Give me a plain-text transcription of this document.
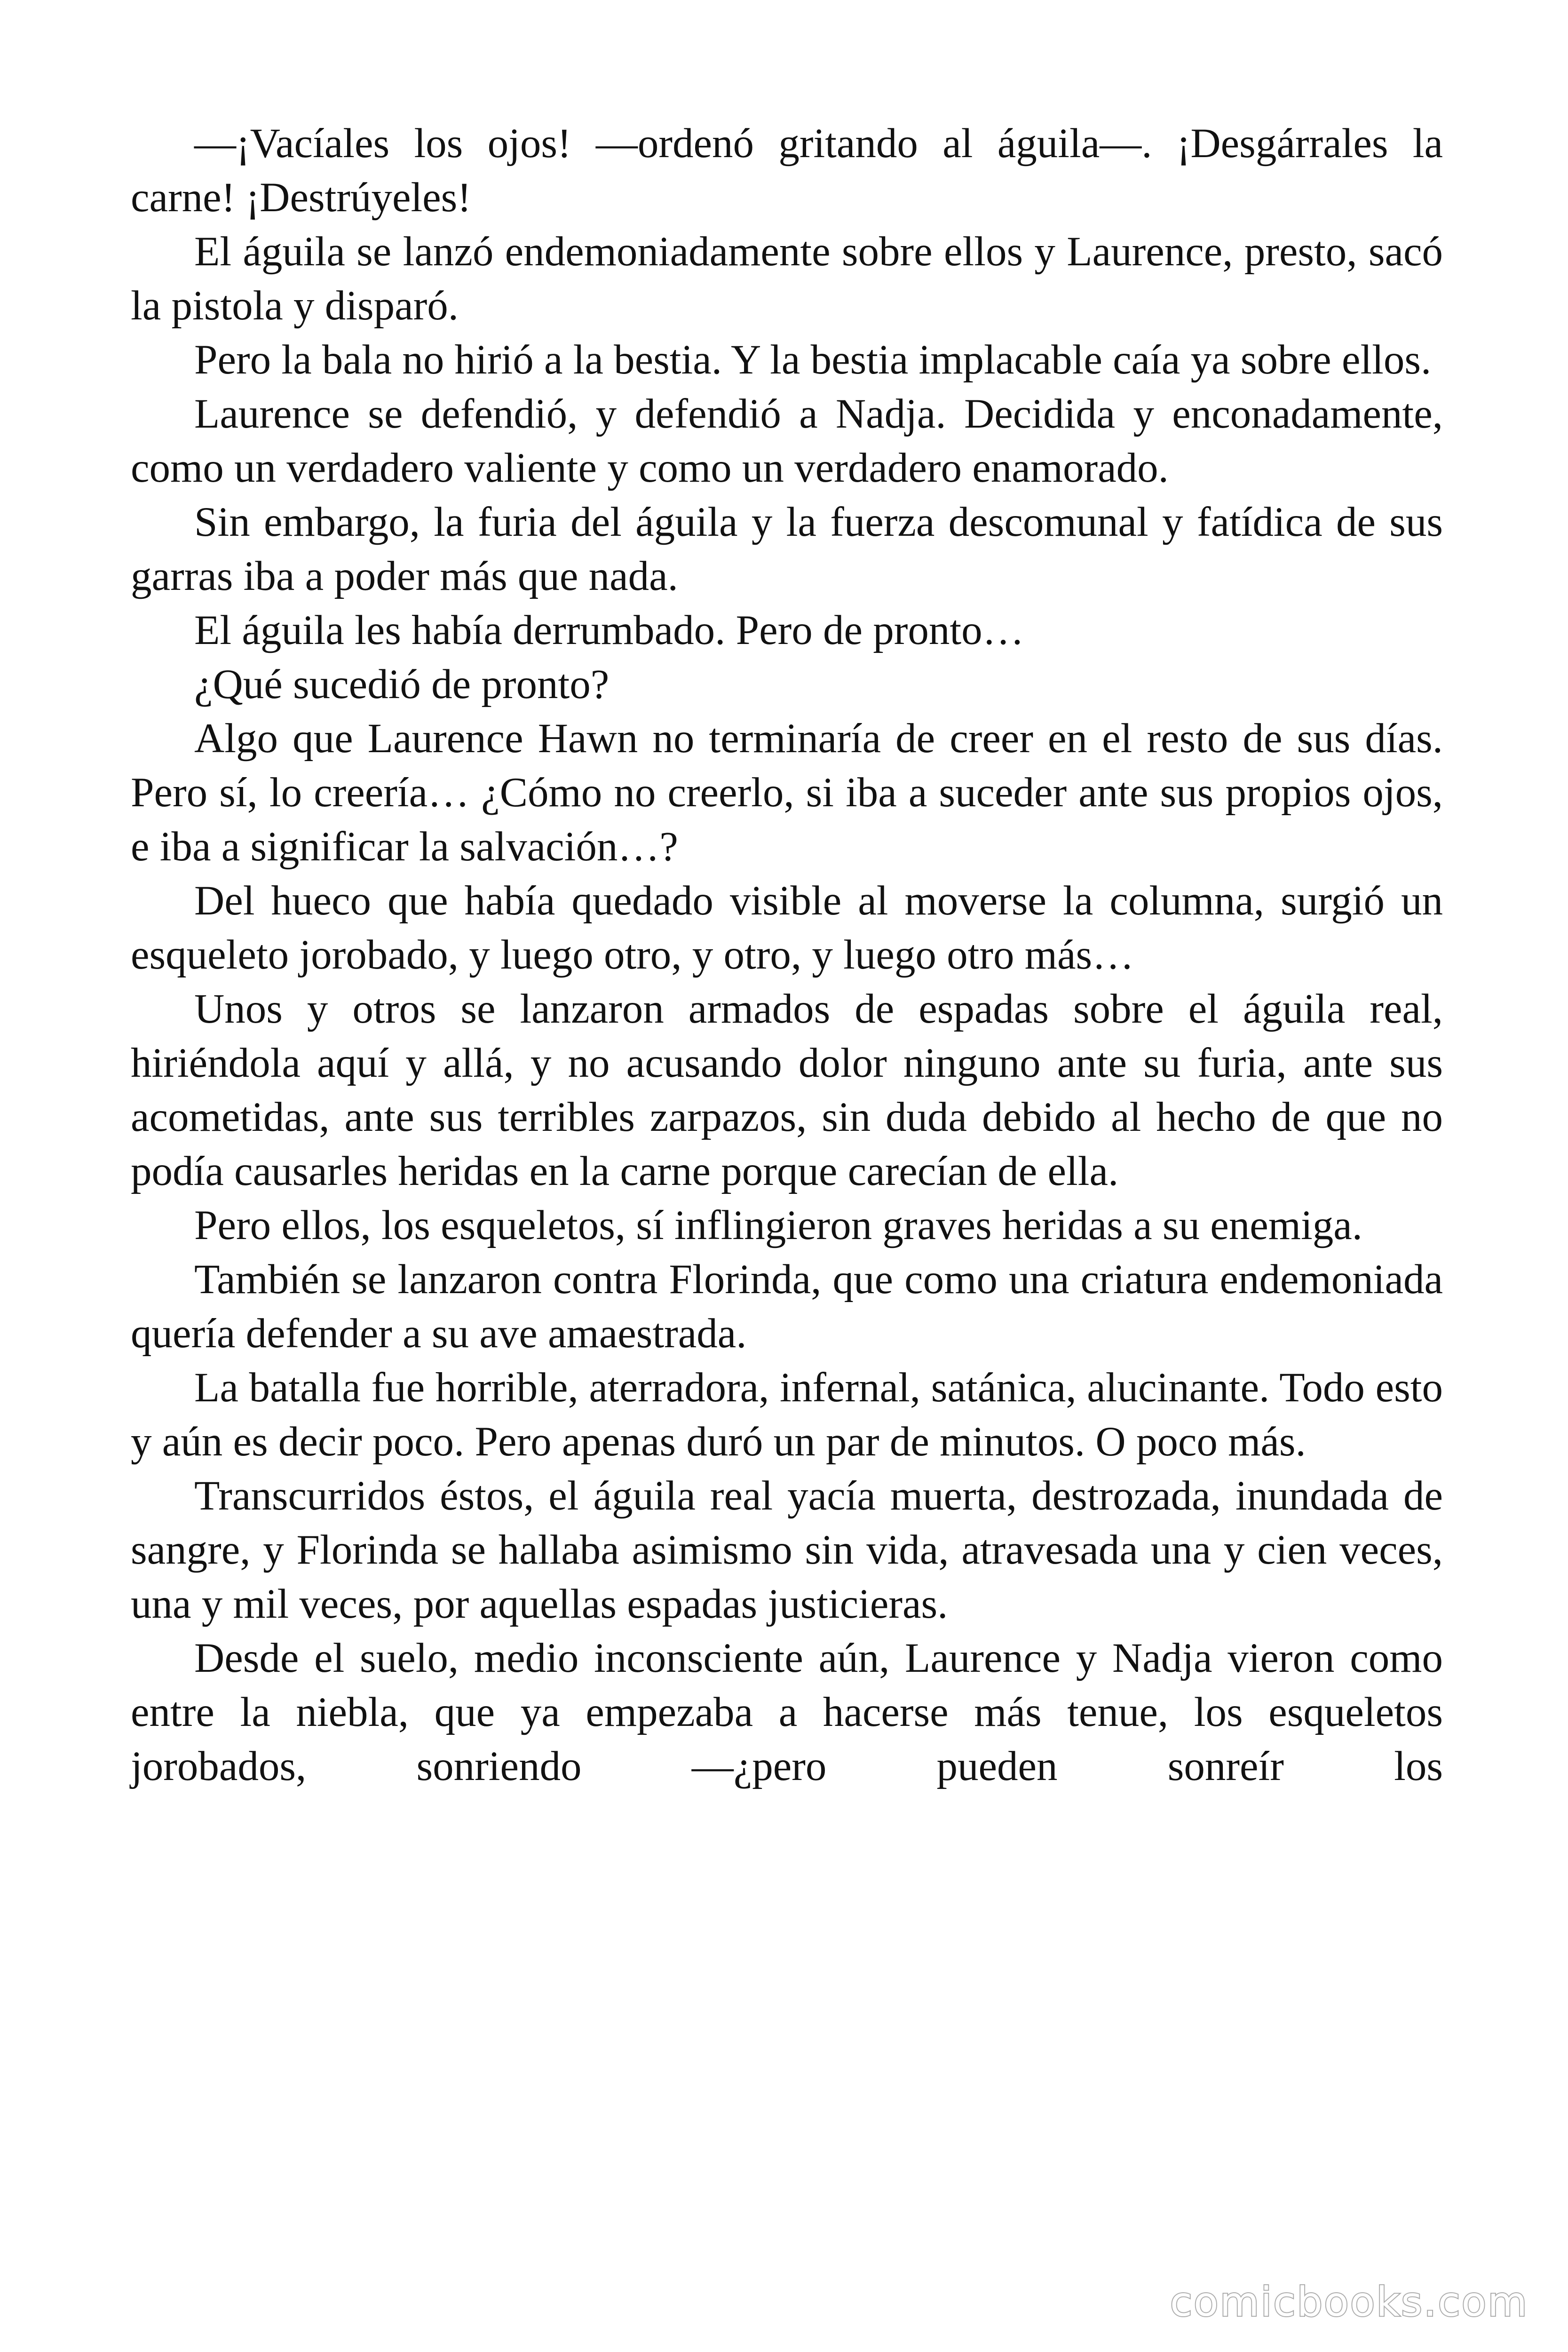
—¡Vacíales los ojos! —ordenó gritando al águila—. ¡Desgárrales la carne! ¡Destrúyeles!

El águila se lanzó endemoniadamente sobre ellos y Laurence, presto, sacó la pistola y disparó.

Pero la bala no hirió a la bestia. Y la bestia implacable caía ya sobre ellos.

Laurence se defendió, y defendió a Nadja. Decidida y enconadamente, como un verdadero valiente y como un verdadero enamorado.

Sin embargo, la furia del águila y la fuerza descomunal y fatídica de sus garras iba a poder más que nada.

El águila les había derrumbado. Pero de pronto…

¿Qué sucedió de pronto?

Algo que Laurence Hawn no terminaría de creer en el resto de sus días. Pero sí, lo creería… ¿Cómo no creerlo, si iba a suceder ante sus propios ojos, e iba a significar la salvación…?

Del hueco que había quedado visible al moverse la columna, surgió un esqueleto jorobado, y luego otro, y otro, y luego otro más…

Unos y otros se lanzaron armados de espadas sobre el águila real, hiriéndola aquí y allá, y no acusando dolor ninguno ante su furia, ante sus acometidas, ante sus terribles zarpazos, sin duda debido al hecho de que no podía causarles heridas en la carne porque carecían de ella.

Pero ellos, los esqueletos, sí inflingieron graves heridas a su enemiga.

También se lanzaron contra Florinda, que como una criatura endemoniada quería defender a su ave amaestrada.

La batalla fue horrible, aterradora, infernal, satánica, alucinante. Todo esto y aún es decir poco. Pero apenas duró un par de minutos. O poco más.

Transcurridos éstos, el águila real yacía muerta, destrozada, inundada de sangre, y Florinda se hallaba asimismo sin vida, atravesada una y cien veces, una y mil veces, por aquellas espadas justicieras.

Desde el suelo, medio inconsciente aún, Laurence y Nadja vieron como entre la niebla, que ya empezaba a hacerse más tenue, los esqueletos jorobados, sonriendo —¿pero pueden sonreír los

comicbooks.com
